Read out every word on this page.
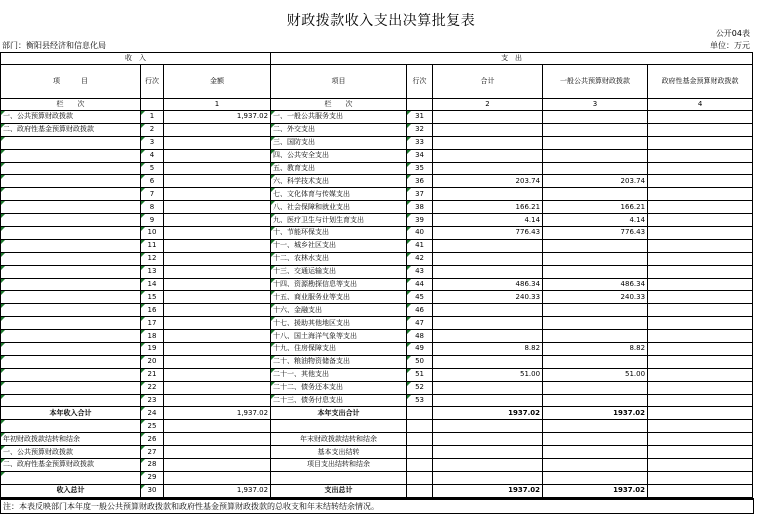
财政拨款收入支出决算批复表
公开04表
部门：衡阳县经济和信息化局	单位：万元
收　入			支　出				
项　　　目	行次	金额	项目	行次	合计	一般公共预算财政拨款	政府性基金预算财政拨款
栏　　次		1	栏　　次		2	3	4
一、公共预算财政拨款	1	1,937.02	一、一般公共服务支出	31			
二、政府性基金预算财政拨款	2		二、外交支出	32			
	3		三、国防支出	33			
	4		四、公共安全支出	34			
	5		五、教育支出	35			
	6		六、科学技术支出	36	203.74	203.74	
	7		七、文化体育与传媒支出	37			
	8		八、社会保障和就业支出	38	166.21	166.21	
	9		九、医疗卫生与计划生育支出	39	4.14	4.14	
	10		十、节能环保支出	40	776.43	776.43	
	11		十一、城乡社区支出	41			
	12		十二、农林水支出	42			
	13		十三、交通运输支出	43			
	14		十四、资源勘探信息等支出	44	486.34	486.34	
	15		十五、商业服务业等支出	45	240.33	240.33	
	16		十六、金融支出	46			
	17		十七、援助其他地区支出	47			
	18		十八、国土海洋气象等支出	48			
	19		十九、住房保障支出	49	8.82	8.82	
	20		二十、粮油物资储备支出	50			
	21		二十一、其他支出	51	51.00	51.00	
	22		二十二、债务还本支出	52			
	23		二十三、债务付息支出	53			
本年收入合计	24	1,937.02	本年支出合计		1937.02	1937.02	
	25						
年初财政拨款结转和结余	26		年末财政拨款结转和结余				
一、公共预算财政拨款	27		基本支出结转				
二、政府性基金预算财政拨款	28		项目支出结转和结余				
	29						
收入总计	30	1,937.02	支出总计		1937.02	1937.02	
注：本表反映部门本年度一般公共预算财政拨款和政府性基金预算财政拨款的总收支和年末结转结余情况。
